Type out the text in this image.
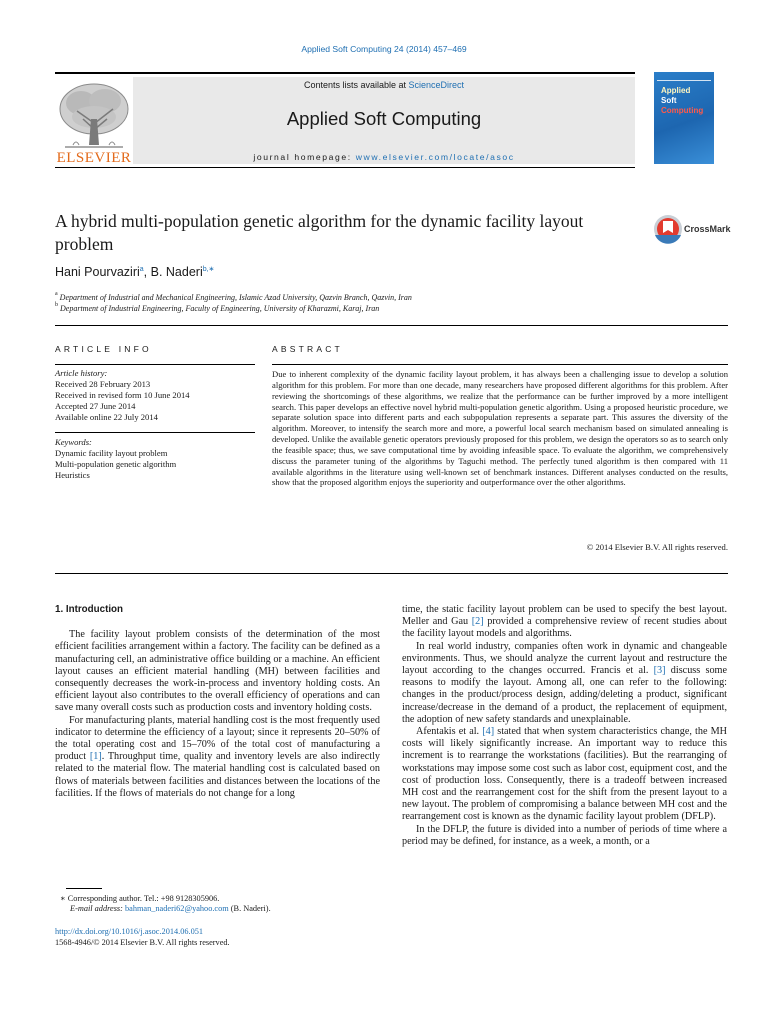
Applied Soft Computing 24 (2014) 457–469
Contents lists available at ScienceDirect
Applied Soft Computing
journal homepage: www.elsevier.com/locate/asoc
ELSEVIER
Applied
Soft
Computing
A hybrid multi-population genetic algorithm for the dynamic facility layout problem
CrossMark
Hani Pourvaziri$^a$, B. Naderi$^{b,∗}$
$^a$ Department of Industrial and Mechanical Engineering, Islamic Azad University, Qazvin Branch, Qazvin, Iran
$^b$ Department of Industrial Engineering, Faculty of Engineering, University of Kharazmi, Karaj, Iran
ARTICLE INFO
Article history:
Received 28 February 2013
Received in revised form 10 June 2014
Accepted 27 June 2014
Available online 22 July 2014
Keywords:
Dynamic facility layout problem
Multi-population genetic algorithm
Heuristics
ABSTRACT
Due to inherent complexity of the dynamic facility layout problem, it has always been a challenging issue to develop a solution algorithm for this problem. For more than one decade, many researchers have proposed different algorithms for this problem. After reviewing the shortcomings of these algorithms, we realize that the performance can be further improved by a more intelligent search. This paper develops an effective novel hybrid multi-population genetic algorithm. Using a proposed heuristic procedure, we separate solution space into different parts and each subpopulation represents a separate part. This assures the diversity of the algorithm. Moreover, to intensify the search more and more, a powerful local search mechanism based on simulated annealing is developed. Unlike the available genetic operators previously proposed for this problem, we design the operators so as to search only the feasible space; thus, we save computational time by avoiding infeasible space. To evaluate the algorithm, we comprehensively discuss the parameter tuning of the algorithms by Taguchi method. The perfectly tuned algorithm is then compared with 11 available algorithms in the literature using well-known set of benchmark instances. Different analyses conducted on the results, show that the proposed algorithm enjoys the superiority and outperformance over the other algorithms.
© 2014 Elsevier B.V. All rights reserved.
1. Introduction

The facility layout problem consists of the determination of the most efficient facilities arrangement within a factory. The facility can be defined as a manufacturing cell, an administrative office building or a machine. An efficient layout causes an efficient material handling (MH) between facilities and consequently decreases the work-in-process and inventory holding costs. An efficient layout also contributes to the overall efficiency of operations and can save many overall costs such as production costs and inventory holding costs.

For manufacturing plants, material handling cost is the most frequently used indicator to determine the efficiency of a layout; since it represents 20–50% of the total operating cost and 15–70% of the total cost of manufacturing a product [1]. Throughput time, quality and inventory levels are also indirectly related to the material flow. The material handling cost is calculated based on flows of materials between facilities and distances between the locations of the facilities. If the flows of materials do not change for a long

time, the static facility layout problem can be used to specify the best layout. Meller and Gau [2] provided a comprehensive review of recent studies about the facility layout models and algorithms.

In real world industry, companies often work in dynamic and changeable environments. Thus, we should analyze the current layout and restructure the layout according to the changes occurred. Francis et al. [3] discuss some reasons to modify the layout. Among all, one can refer to the following: changes in the product/process design, adding/deleting a product, significant increase/decrease in the demand of a product, the replacement of equipment, the adoption of new safety standards and unexplainable.

Afentakis et al. [4] stated that when system characteristics change, the MH costs will likely significantly increase. An important way to reduce this increment is to rearrange the workstations (facilities). But the rearranging of workstations may impose some cost such as labor cost, equipment cost, and the cost of production loss. Consequently, there is a tradeoff between increased MH cost and the rearrangement cost for the shift from the present layout to a new layout. The problem of compromising a balance between MH cost and the rearrangement cost is known as the dynamic facility layout problem (DFLP).

In the DFLP, the future is divided into a number of periods of time where a period may be defined, for instance, as a week, a month, or a

∗ Corresponding author. Tel.: +98 9128305906.
E-mail address: bahman_naderi62@yahoo.com (B. Naderi).
http://dx.doi.org/10.1016/j.asoc.2014.06.051
1568-4946/© 2014 Elsevier B.V. All rights reserved.
